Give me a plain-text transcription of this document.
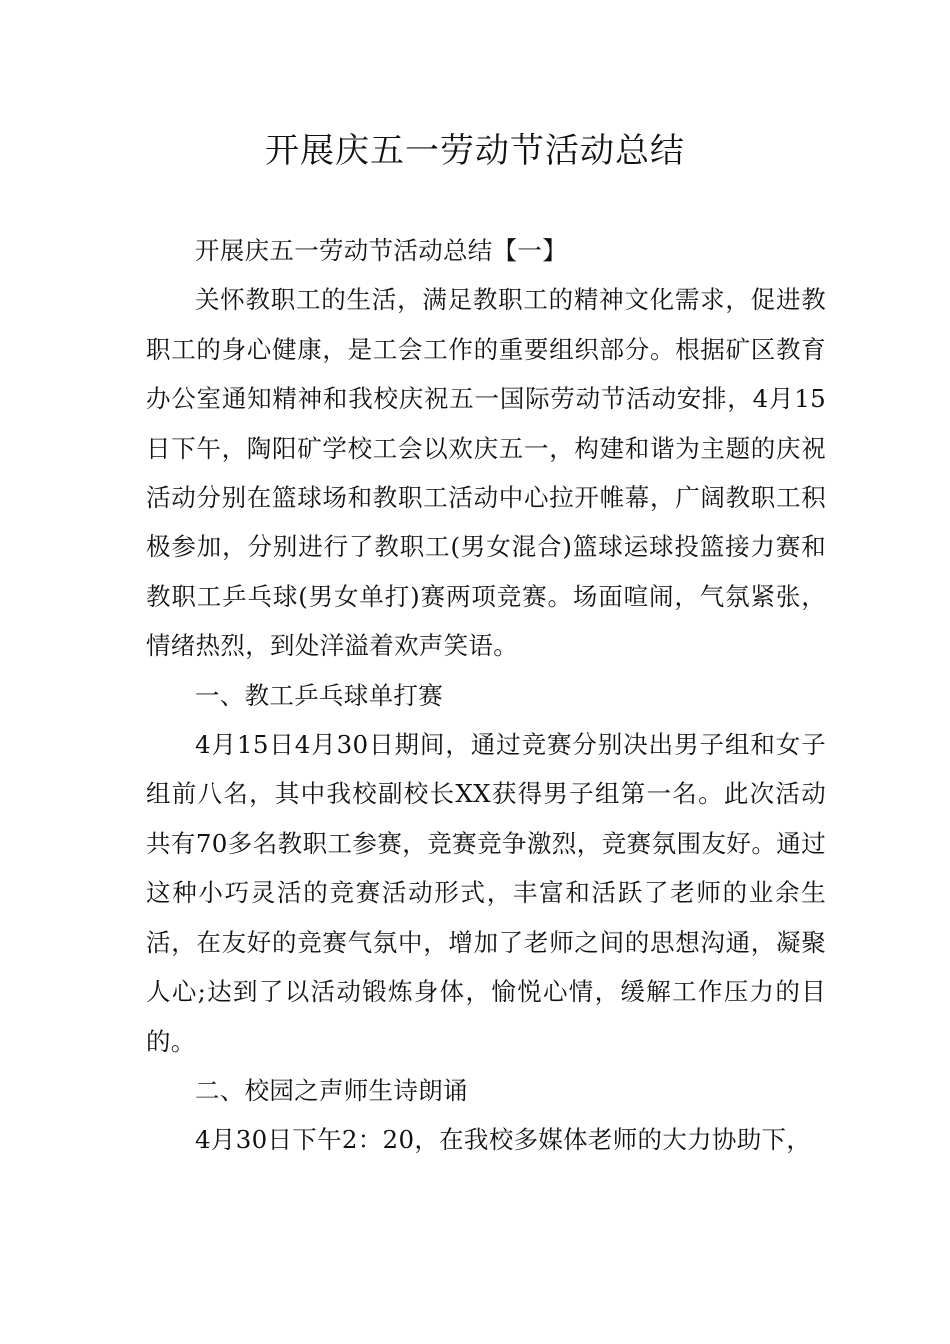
开展庆五一劳动节活动总结

开展庆五一劳动节活动总结【一】

关怀教职工的生活，满足教职工的精神文化需求，促进教职工的身心健康，是工会工作的重要组织部分。根据矿区教育办公室通知精神和我校庆祝五一国际劳动节活动安排，4月15日下午，陶阳矿学校工会以欢庆五一，构建和谐为主题的庆祝活动分别在篮球场和教职工活动中心拉开帷幕，广阔教职工积极参加，分别进行了教职工(男女混合)篮球运球投篮接力赛和教职工乒乓球(男女单打)赛两项竞赛。场面喧闹，气氛紧张，情绪热烈，到处洋溢着欢声笑语。

一、教工乒乓球单打赛

4月15日4月30日期间，通过竞赛分别决出男子组和女子组前八名，其中我校副校长XX获得男子组第一名。此次活动共有70多名教职工参赛，竞赛竞争激烈，竞赛氛围友好。通过这种小巧灵活的竞赛活动形式，丰富和活跃了老师的业余生活，在友好的竞赛气氛中，增加了老师之间的思想沟通，凝聚人心;达到了以活动锻炼身体，愉悦心情，缓解工作压力的目的。

二、校园之声师生诗朗诵

4月30日下午2：20，在我校多媒体老师的大力协助下，
